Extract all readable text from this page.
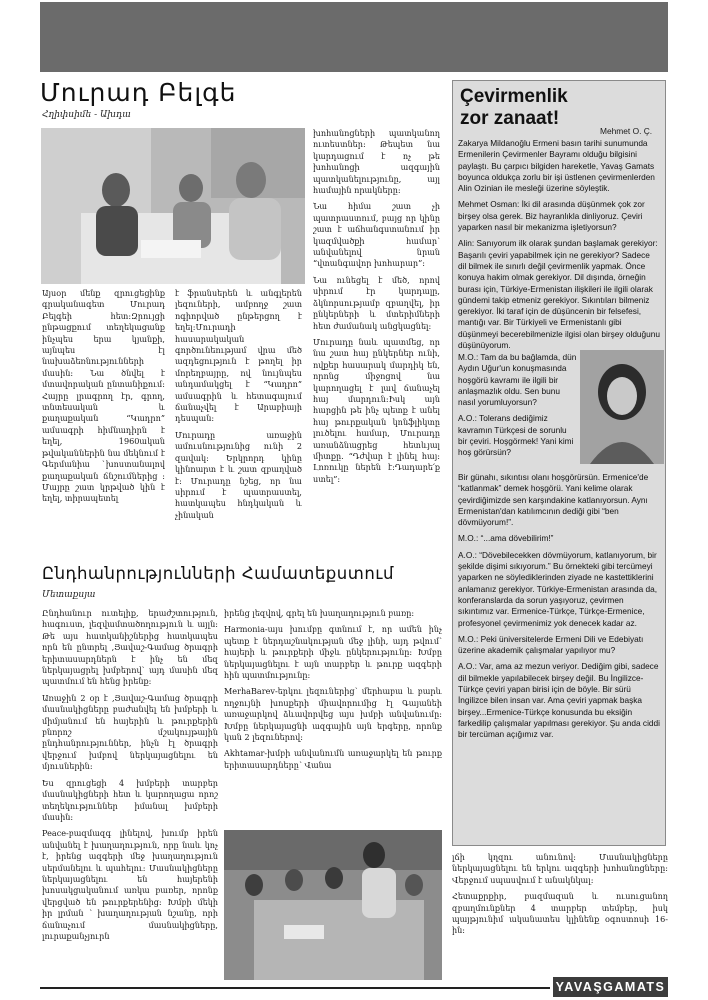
Մուրադ Բելգե
Հղիփսիմե - Ախդա

Այսօր մենք զրուցեցինք գրականագետ Մուրադ Բելգեի հետ։Զրույցի ընթացքում տեղեկացանք ինչպես երա կյանքի, այնպես էլ նախաձեռնությունների մասին։ Նա ծնվել է մտավորական ընտանիքում։ Հայրը լրագրող էր, գրող, տնտեսական և քաղաքական “Կադրո” ամսագրի հիմնադիրն է եղել, 1960ական թվականներին նա մեկնում է Գերմանիա `խոստանալով քաղաքական ճնշումներից ։ Մայրը շատ կրթված կին է եղել, տիրապետել

է ֆրանսերեն և անգլերեն լեզուների, ամբողջ շատ ոգիորված ընթերցող է եղել։Մուրադի հասարակական գործունեությամ վրա մեծ ազդեցություն է թողել իր մորեղբայրը, ով նույնպես անդամակցել է “Կադրո” ամսագրին և հետագայում ճանաչվել է Արաբիայի դեսպան։

Մուրադը առաջին ամուսնությունից ունի 2 զավակ։ Երկրորդ կինը կինոարտ է և շատ զբաղված է։ Մուրադը նշեց, որ նա սիրում է պատրաստել, հատկապես հնդկական և չինական

խոհանոցների պատկանող ուտեստներ։ Թեպետ նա կարդացում է ոչ թե խոհանոցի ազգային պատկանելությունը, այլ համային որակները։

Նա հիմա շատ չի պատրաստում, բայց որ կինը շատ է աճհանգստանում իր կազմվածքի համար՝ անվանելով նրան “վտանգավոր խոհարար”։

Նա ունեցել է մեծ, որով սիրում էր կարդալը, ձկնորսությամբ զբաղվել, իր ընկերների և մտերիմների հետ ժամանակ անցկացնել։

Մուրադը նաև պատմեց, որ նա շատ հայ ընկերներ ունի, ովքեր հասարակ մարդիկ են, որոնց միջոցով նա կարողացել է լավ ճանաչել հայ մարդուն։Իսկ այն հարցին թե ինչ պետք է անել հայ թուրքական կոնֆլիկտը լուծելու համար, Մուրադը առանձնացրեց հետևյալ միտքը. “Դժվար է լինել հայ։ Լոռուկը ներեն է։Դադարե՛ք ստել”։

Ընդհանրությունների Համատեքստում
Մետաքսյա

Ընդհանուր ուտելիք, երաժշտություն, հագուստ, լեզվամտածողություն և այլն։ Թե այս հատկանիշներից հատկապես որն են ընտրել ,Յավաշ-Գամաց ծրագրի երիտասարդներն է ինչ են մեզ ներկայացրել խմբերով՝ այդ մասին մեզ պատմում են հենց իրենք։

Առաջին 2 օր է ,Յավաշ-Գամաց ծրագրի մասնակիցները բաժանվել են խմբերի և միմյանում են հայերին և թուրքերին բնորոշ մշակույթային ընդհանրություններ, ինչն էլ ծրագրի վերջում խմբով ներկայացնելու են մյուսներին։

Ես զրուցեցի 4 խմբերի տարբեր մասնակիցների հետ և կարողացա որոշ տեղեկություններ իմանալ խմբերի մասին։

Peace-բազմազգ լինելով, խումբ իրեն անվանել է խաղաղություն, որը նաև կոչ է, իրենց ազգերի մեջ խաղաղություն սերմանելու և պահելու։ Մասնակիցները ներկայացնելու են հայերենի խոսակցականում առկա բառեր, որոնք վերցված են թուրքերենից։ Խմբի մեկի իր լրման ՝ խաղաղության նշանը, որի ճանաչում մասնակիցները, լուրաքանչյուրն

իրենց լեզվով, գրել են խաղաղություն բառը։

Harmonia-այս խումբը գտնում է, որ ամեն ինչ պետք է ներդաշնակության մեջ լինի, այդ թվում՝ հայերի և թուրքերի միջև ընկերությունը։ Խմբը ներկայացնելու է այն տարբեր և թուրք ազգերի հին պատմությունը։

MerhaBarev-երկու լեզուներից՝ մերհաբա և բարև ողջույնի խոսքերի միավորումից էլ Գայանեի առաջարկով ձևավորվեց այս խմբի անվանումը։ Խմբը ներկայացնի ազգային այն երգերը, որոնք կան 2 լեզուներով։

Akhtamar-խմբի անվանումն առաջարկել են թուրք երիտասարդները՝ Վանա

լճի կղզու անունով։ Մասնակիցները ներկայացնելու են երկու ազգերի խոհանոցները։ Վերջում սպասվում է անակնկալ։

Հետաքրքիր, բազմազան և ուսուցանող զբաղմունքներ 4 տարբեր տեմբեր, իսկ պայթյունիմ ականատես կլինենք օգոստոսի 16-ին։

Çevirmenlik zor zanaat!
Mehmet O. Ç.

Zakarya Mildanoğlu Ermeni basın tarihi sunumunda Ermenilerin Çevirmenler Bayramı olduğu bilgisini paylaştı. Bu çarpıcı bilgiden hareketle, Yavaş Gamats boyunca oldukça zorlu bir işi üstlenen çevirmenlerden Alin Ozinian ile mesleği üzerine söyleştik.

Mehmet Osman: İki dil arasında düşünmek çok zor birşey olsa gerek. Biz hayranlıkla dinliyoruz. Çeviri yaparken nasıl bir mekanizma işletiyorsun?

Alin: Sanıyorum ilk olarak şundan başlamak gerekiyor: Başarılı çeviri yapabilmek için ne gerekiyor? Sadece dil bilmek ile sınırlı değil çevirmenlik yapmak. Önce konuya hakim olmak gerekiyor. Dil dışında, örneğin burası için, Türkiye-Ermenistan ilişkileri ile ilgili olarak gündemi takip etmeniz gerekiyor. Sıkıntıları bilmeniz gerekiyor. İki taraf için de düşüncenin bir felsefesi, mantığı var. Bir Türkiyeli ve Ermenistanlı gibi düşünmeyi becerebilmenizle ilgisi olan birşey olduğunu düşünüyorum.

M.O.: Tam da bu bağlamda, dün Aydın Uğur'un konuşmasında hoşgörü kavramı ile ilgili bir anlaşmazlık oldu. Sen bunu nasıl yorumluyorsun?

A.O.: Tolerans dediğimiz kavramın Türkçesi de sorunlu bir çeviri. Hoşgörmek! Yani kimi hoş görürsün?

Bir günahı, sıkıntısı olanı hoşgörürsün. Ermenice'de “katlanmak” demek hoşgörü. Yani kelime olarak çevirdiğimizde sen karşındakine katlanıyorsun. Aynı Ermenistan'dan katılımcının dediği gibi “ben dövmüyorum!”.

M.O.: “...ama dövebilirim!”

A.O.: “Dövebilecekken dövmüyorum, katlanıyorum, bir şekilde dişimi sıkıyorum.” Bu örnekteki gibi tercümeyi yaparken ne söylediklerinden ziyade ne kastettiklerini anlamanız gerekiyor. Türkiye-Ermenistan arasında da, konferanslarda da sorun yaşıyoruz, çevirmen sıkıntımız var. Ermenice-Türkçe, Türkçe-Ermenice, profesyonel çevirmenimiz yok denecek kadar az.

M.O.: Peki üniversitelerde Ermeni Dili ve Edebiyatı üzerine akademik çalışmalar yapılıyor mu?

A.O.: Var, ama az mezun veriyor. Dediğim gibi, sadece dil bilmekle yapılabilecek birşey değil. Bu İngilizce-Türkçe çeviri yapan birisi için de böyle. Bir sürü İngilizce bilen insan var. Ama çeviri yapmak başka birşey...Ermenice-Türkçe konusunda bu eksiğin farkedilip çalışmalar yapılması gerekiyor. Şu anda ciddi bir tercüman açığımız var.

YAVAŞGAMATS
